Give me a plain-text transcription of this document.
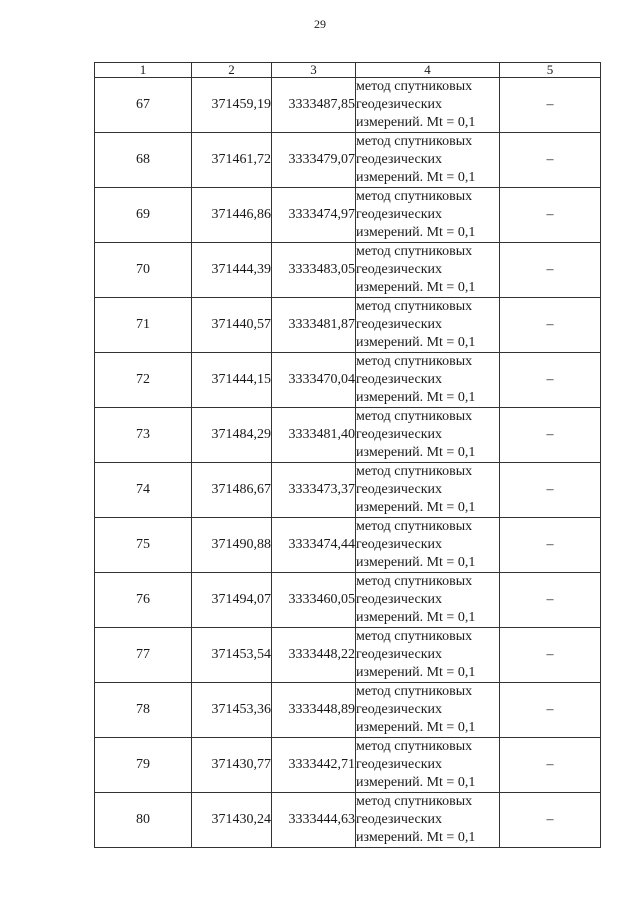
29
1	2	3	4	5
67	371459,19	3333487,85	метод спутниковых
геодезических
измерений. Mt = 0,1	–
68	371461,72	3333479,07	метод спутниковых
геодезических
измерений. Mt = 0,1	–
69	371446,86	3333474,97	метод спутниковых
геодезических
измерений. Mt = 0,1	–
70	371444,39	3333483,05	метод спутниковых
геодезических
измерений. Mt = 0,1	–
71	371440,57	3333481,87	метод спутниковых
геодезических
измерений. Mt = 0,1	–
72	371444,15	3333470,04	метод спутниковых
геодезических
измерений. Mt = 0,1	–
73	371484,29	3333481,40	метод спутниковых
геодезических
измерений. Mt = 0,1	–
74	371486,67	3333473,37	метод спутниковых
геодезических
измерений. Mt = 0,1	–
75	371490,88	3333474,44	метод спутниковых
геодезических
измерений. Mt = 0,1	–
76	371494,07	3333460,05	метод спутниковых
геодезических
измерений. Mt = 0,1	–
77	371453,54	3333448,22	метод спутниковых
геодезических
измерений. Mt = 0,1	–
78	371453,36	3333448,89	метод спутниковых
геодезических
измерений. Mt = 0,1	–
79	371430,77	3333442,71	метод спутниковых
геодезических
измерений. Mt = 0,1	–
80	371430,24	3333444,63	метод спутниковых
геодезических
измерений. Mt = 0,1	–
